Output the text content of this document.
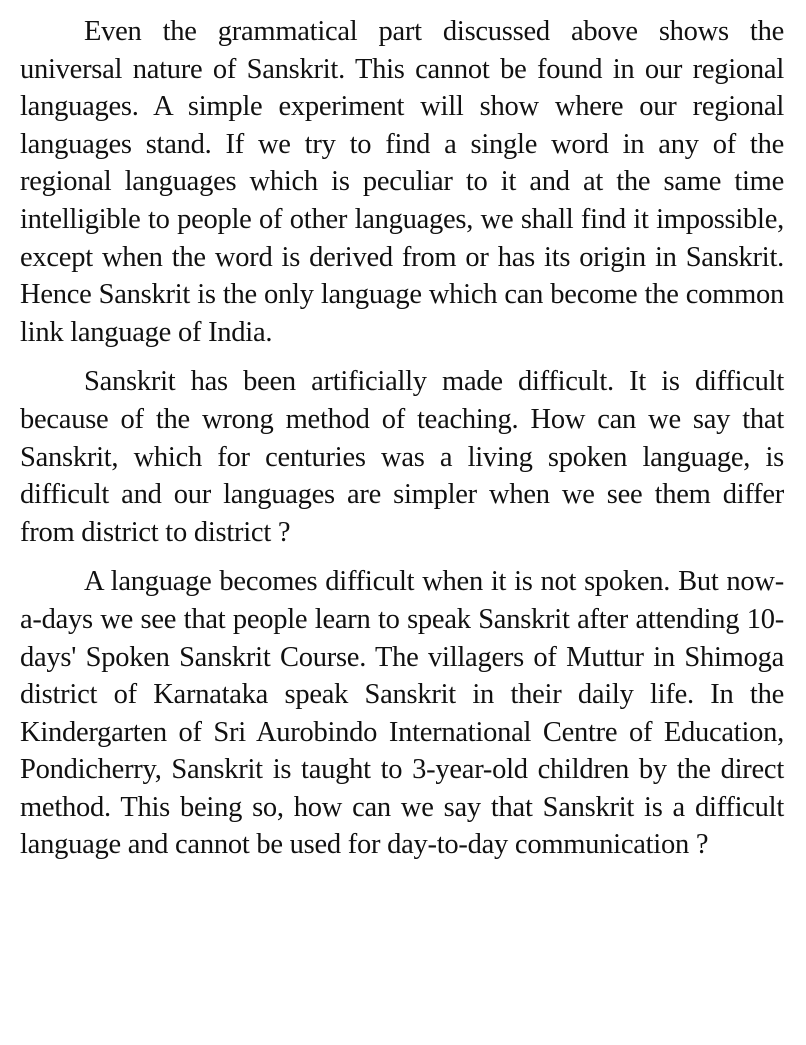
Even the grammatical part discussed above shows the universal nature of Sanskrit. This cannot be found in our regional languages. A simple experiment will show where our regional languages stand. If we try to find a single word in any of the regional languages which is peculiar to it and at the same time intelligible to people of other languages, we shall find it impossible, except when the word is derived from or has its origin in Sanskrit. Hence Sanskrit is the only language which can become the common link language of India.

Sanskrit has been artificially made difficult. It is difficult because of the wrong method of teaching. How can we say that Sanskrit, which for centuries was a living spoken language, is difficult and our languages are simpler when we see them differ from district to district ?

A language becomes difficult when it is not spoken. But now-a-days we see that people learn to speak Sanskrit after attending 10-days' Spoken Sanskrit Course. The villagers of Muttur in Shimoga district of Karnataka speak Sanskrit in their daily life. In the Kindergarten of Sri Aurobindo International Centre of Education, Pondicherry, Sanskrit is taught to 3-year-old children by the direct method. This being so, how can we say that Sanskrit is a difficult language and cannot be used for day-to-day communication ?
